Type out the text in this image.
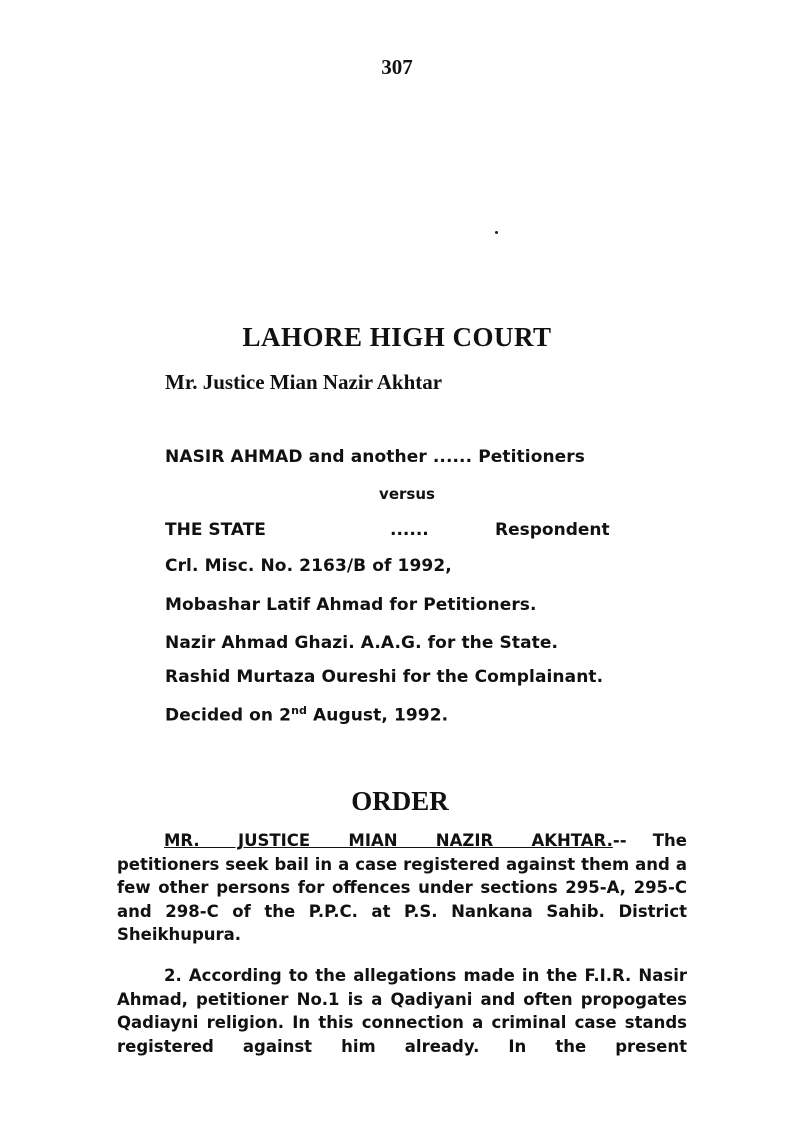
307
LAHORE HIGH COURT
Mr. Justice Mian Nazir Akhtar
NASIR AHMAD and another ...... Petitioners
versus
THE STATE	......	Respondent
Crl. Misc. No. 2163/B of 1992,
Mobashar Latif Ahmad for Petitioners.
Nazir Ahmad Ghazi. A.A.G. for the State.
Rashid Murtaza Oureshi for the Complainant.
Decided on 2nd August, 1992.
ORDER

MR. JUSTICE MIAN NAZIR AKHTAR.-- The petitioners seek bail in a case registered against them and a few other persons for offences under sections 295-A, 295-C and 298-C of the P.P.C. at P.S. Nankana Sahib. District Sheikhupura.

2. According to the allegations made in the F.I.R. Nasir Ahmad, petitioner No.1 is a Qadiyani and often propogates Qadiayni religion. In this connection a criminal case stands registered against him already. In the present
